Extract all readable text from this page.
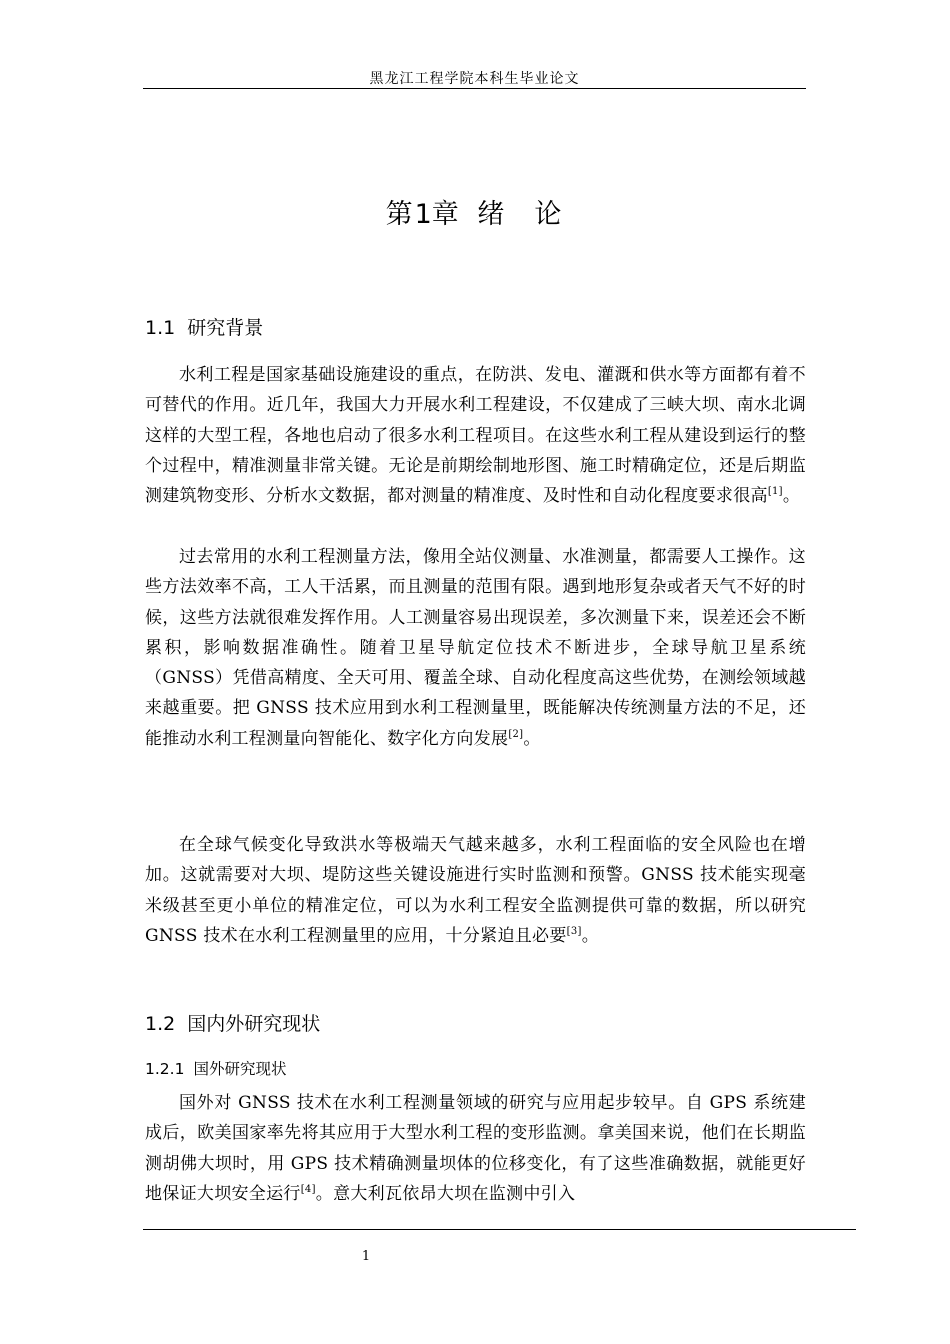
黑龙江工程学院本科生毕业论文
第1章 绪 论
1.1 研究背景

水利工程是国家基础设施建设的重点，在防洪、发电、灌溉和供水等方面都有着不可替代的作用。近几年，我国大力开展水利工程建设，不仅建成了三峡大坝、南水北调这样的大型工程，各地也启动了很多水利工程项目。在这些水利工程从建设到运行的整个过程中，精准测量非常关键。无论是前期绘制地形图、施工时精确定位，还是后期监测建筑物变形、分析水文数据，都对测量的精准度、及时性和自动化程度要求很高[1]。

过去常用的水利工程测量方法，像用全站仪测量、水准测量，都需要人工操作。这些方法效率不高，工人干活累，而且测量的范围有限。遇到地形复杂或者天气不好的时候，这些方法就很难发挥作用。人工测量容易出现误差，多次测量下来，误差还会不断累积，影响数据准确性。随着卫星导航定位技术不断进步，全球导航卫星系统（GNSS）凭借高精度、全天可用、覆盖全球、自动化程度高这些优势，在测绘领域越来越重要。把 GNSS 技术应用到水利工程测量里，既能解决传统测量方法的不足，还能推动水利工程测量向智能化、数字化方向发展[2]。

在全球气候变化导致洪水等极端天气越来越多，水利工程面临的安全风险也在增加。这就需要对大坝、堤防这些关键设施进行实时监测和预警。GNSS 技术能实现毫米级甚至更小单位的精准定位，可以为水利工程安全监测提供可靠的数据，所以研究 GNSS 技术在水利工程测量里的应用，十分紧迫且必要[3]。

1.2 国内外研究现状
1.2.1 国外研究现状

国外对 GNSS 技术在水利工程测量领域的研究与应用起步较早。自 GPS 系统建成后，欧美国家率先将其应用于大型水利工程的变形监测。拿美国来说，他们在长期监测胡佛大坝时，用 GPS 技术精确测量坝体的位移变化，有了这些准确数据，就能更好地保证大坝安全运行[4]。意大利瓦依昂大坝在监测中引入

1
